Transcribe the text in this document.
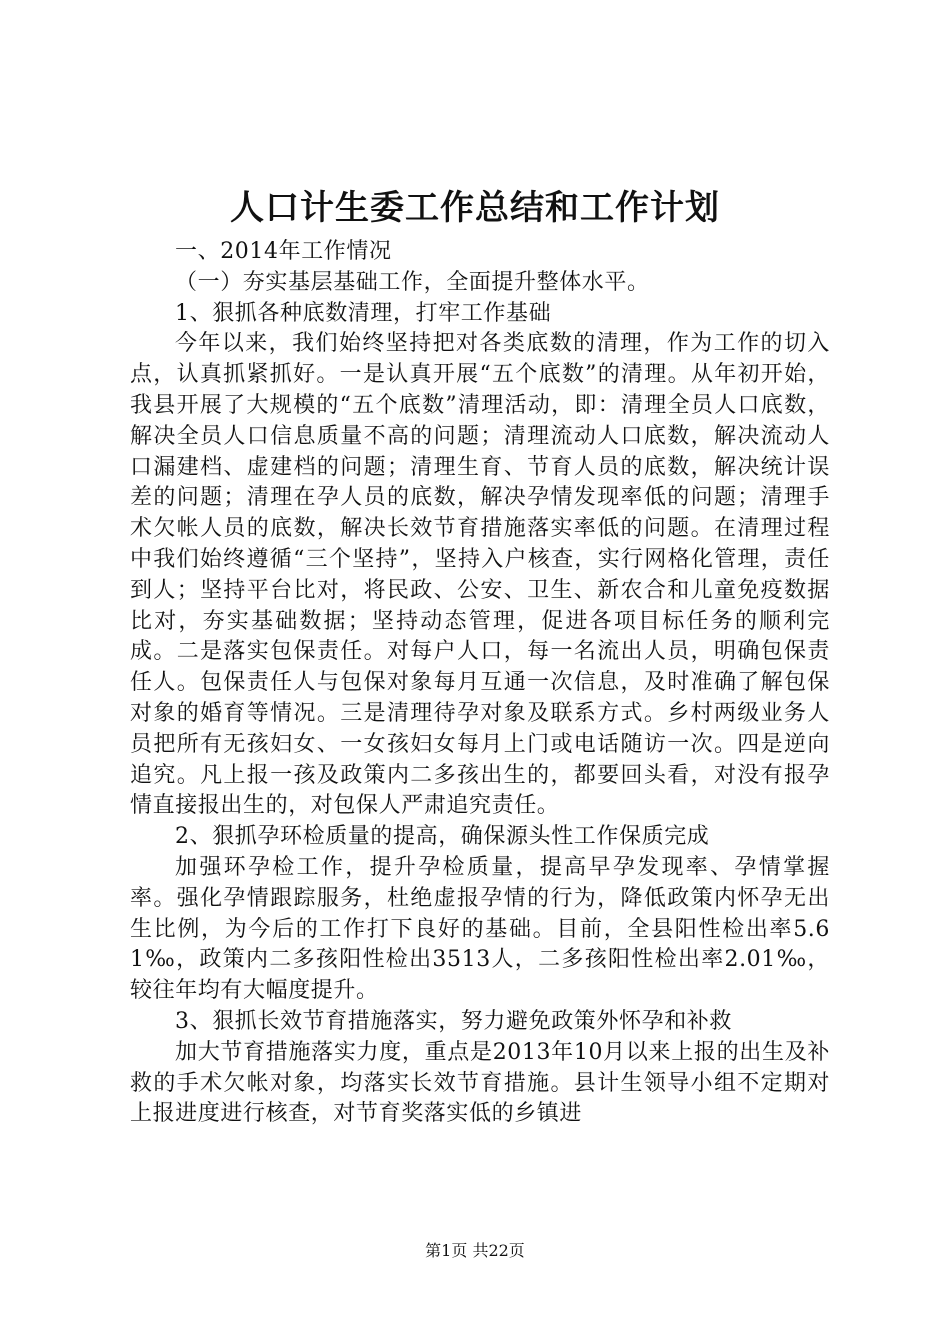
人口计生委工作总结和工作计划

一、2014年工作情况

（一）夯实基层基础工作，全面提升整体水平。

1、狠抓各种底数清理，打牢工作基础

今年以来，我们始终坚持把对各类底数的清理，作为工作的切入点，认真抓紧抓好。一是认真开展“五个底数”的清理。从年初开始，我县开展了大规模的“五个底数”清理活动，即：清理全员人口底数，解决全员人口信息质量不高的问题；清理流动人口底数，解决流动人口漏建档、虚建档的问题；清理生育、节育人员的底数，解决统计误差的问题；清理在孕人员的底数，解决孕情发现率低的问题；清理手术欠帐人员的底数，解决长效节育措施落实率低的问题。在清理过程中我们始终遵循“三个坚持”，坚持入户核查，实行网格化管理，责任到人；坚持平台比对，将民政、公安、卫生、新农合和儿童免疫数据比对，夯实基础数据；坚持动态管理，促进各项目标任务的顺利完成。二是落实包保责任。对每户人口，每一名流出人员，明确包保责任人。包保责任人与包保对象每月互通一次信息，及时准确了解包保对象的婚育等情况。三是清理待孕对象及联系方式。乡村两级业务人员把所有无孩妇女、一女孩妇女每月上门或电话随访一次。四是逆向追究。凡上报一孩及政策内二多孩出生的，都要回头看，对没有报孕情直接报出生的，对包保人严肃追究责任。

2、狠抓孕环检质量的提高，确保源头性工作保质完成

加强环孕检工作，提升孕检质量，提高早孕发现率、孕情掌握率。强化孕情跟踪服务，杜绝虚报孕情的行为，降低政策内怀孕无出生比例，为今后的工作打下良好的基础。目前，全县阳性检出率5.61‰，政策内二多孩阳性检出3513人，二多孩阳性检出率2.01‰，较往年均有大幅度提升。

3、狠抓长效节育措施落实，努力避免政策外怀孕和补救

加大节育措施落实力度，重点是2013年10月以来上报的出生及补救的手术欠帐对象，均落实长效节育措施。县计生领导小组不定期对上报进度进行核查，对节育奖落实低的乡镇进

第1页 共22页
